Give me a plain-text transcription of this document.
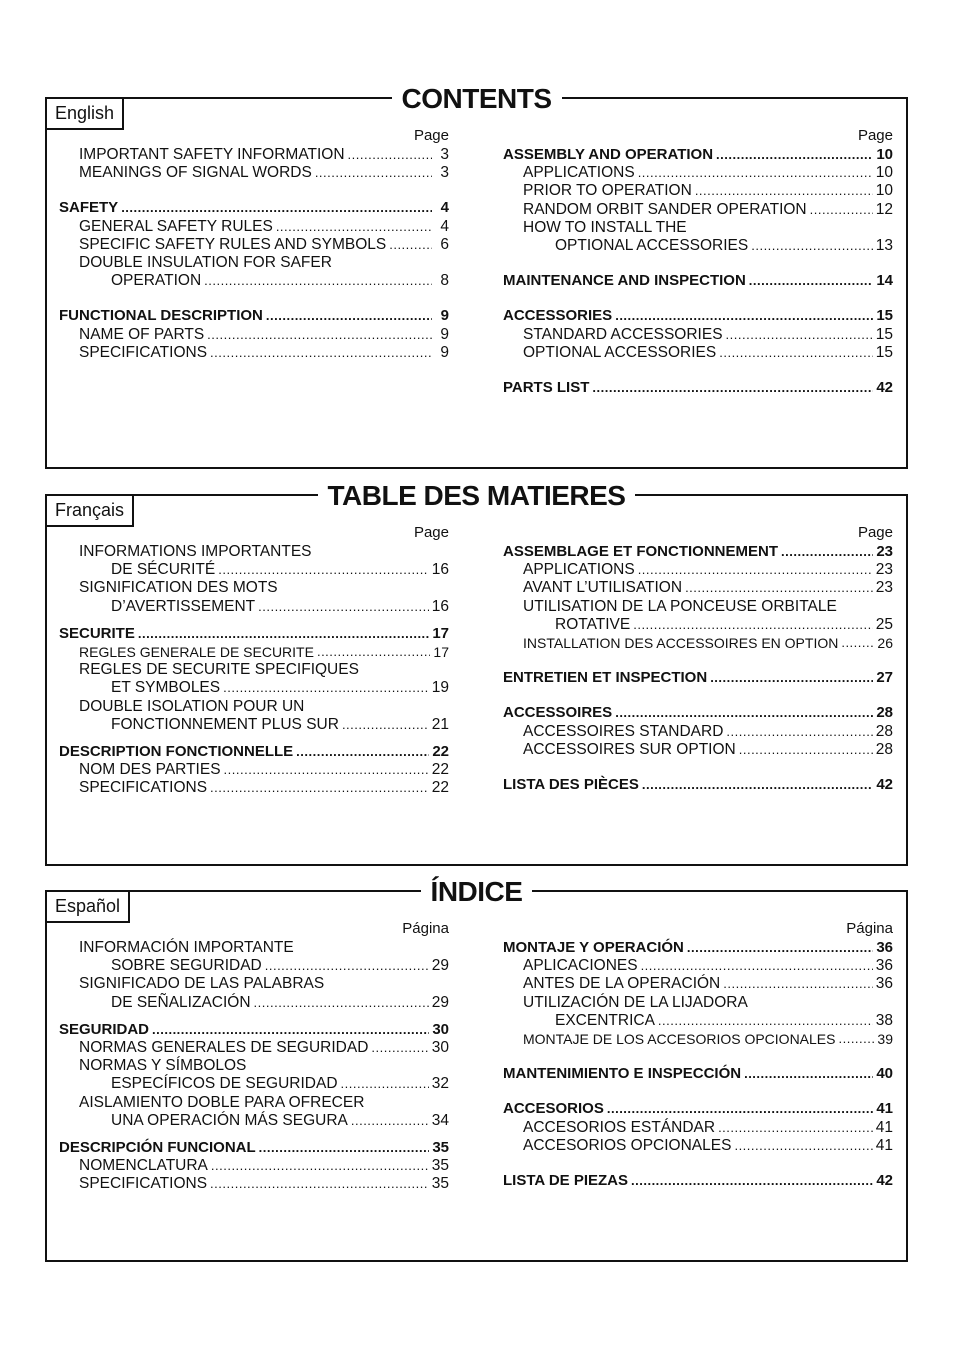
CONTENTS
English
Page
IMPORTANT SAFETY INFORMATION .....	3
MEANINGS OF SIGNAL WORDS .....	3
SAFETY .....	4
GENERAL SAFETY RULES .....	4
SPECIFIC SAFETY RULES AND SYMBOLS .....	6
DOUBLE INSULATION FOR SAFER
OPERATION .....	8
FUNCTIONAL DESCRIPTION .....	9
NAME OF PARTS .....	9
SPECIFICATIONS .....	9
Page
ASSEMBLY AND OPERATION .....	10
APPLICATIONS .....	10
PRIOR TO OPERATION .....	10
RANDOM ORBIT SANDER OPERATION .....	12
HOW TO INSTALL THE
OPTIONAL ACCESSORIES .....	13
MAINTENANCE AND INSPECTION .....	14
ACCESSORIES .....	15
STANDARD ACCESSORIES .....	15
OPTIONAL ACCESSORIES .....	15
PARTS LIST .....	42
TABLE DES MATIERES
Français
Page
INFORMATIONS IMPORTANTES
DE SÉCURITÉ .....	16
SIGNIFICATION DES MOTS
D’AVERTISSEMENT .....	16
SECURITE .....	17
REGLES GENERALE DE SECURITE .....	17
REGLES DE SECURITE SPECIFIQUES
ET SYMBOLES .....	19
DOUBLE ISOLATION POUR UN
FONCTIONNEMENT PLUS SUR .....	21
DESCRIPTION FONCTIONNELLE .....	22
NOM DES PARTIES .....	22
SPECIFICATIONS .....	22
Page
ASSEMBLAGE ET FONCTIONNEMENT .....	23
APPLICATIONS .....	23
AVANT L’UTILISATION .....	23
UTILISATION DE LA PONCEUSE ORBITALE
ROTATIVE .....	25
INSTALLATION DES ACCESSOIRES EN OPTION .....	26
ENTRETIEN ET INSPECTION .....	27
ACCESSOIRES .....	28
ACCESSOIRES STANDARD .....	28
ACCESSOIRES SUR OPTION .....	28
LISTA DES PIÈCES .....	42
ÍNDICE
Español
Página
INFORMACIÓN IMPORTANTE
SOBRE SEGURIDAD .....	29
SIGNIFICADO DE LAS PALABRAS
DE SEÑALIZACIÓN .....	29
SEGURIDAD .....	30
NORMAS GENERALES DE SEGURIDAD .....	30
NORMAS Y SÍMBOLOS
ESPECÍFICOS DE SEGURIDAD .....	32
AISLAMIENTO DOBLE PARA OFRECER
UNA OPERACIÓN MÁS SEGURA .....	34
DESCRIPCIÓN FUNCIONAL .....	35
NOMENCLATURA .....	35
SPECIFICATIONS .....	35
Página
MONTAJE Y OPERACIÓN .....	36
APLICACIONES .....	36
ANTES DE LA OPERACIÓN .....	36
UTILIZACIÓN DE LA LIJADORA
EXCENTRICA .....	38
MONTAJE DE LOS ACCESORIOS OPCIONALES .....	39
MANTENIMIENTO E INSPECCIÓN .....	40
ACCESORIOS .....	41
ACCESORIOS ESTÁNDAR .....	41
ACCESORIOS OPCIONALES .....	41
LISTA DE PIEZAS .....	42
